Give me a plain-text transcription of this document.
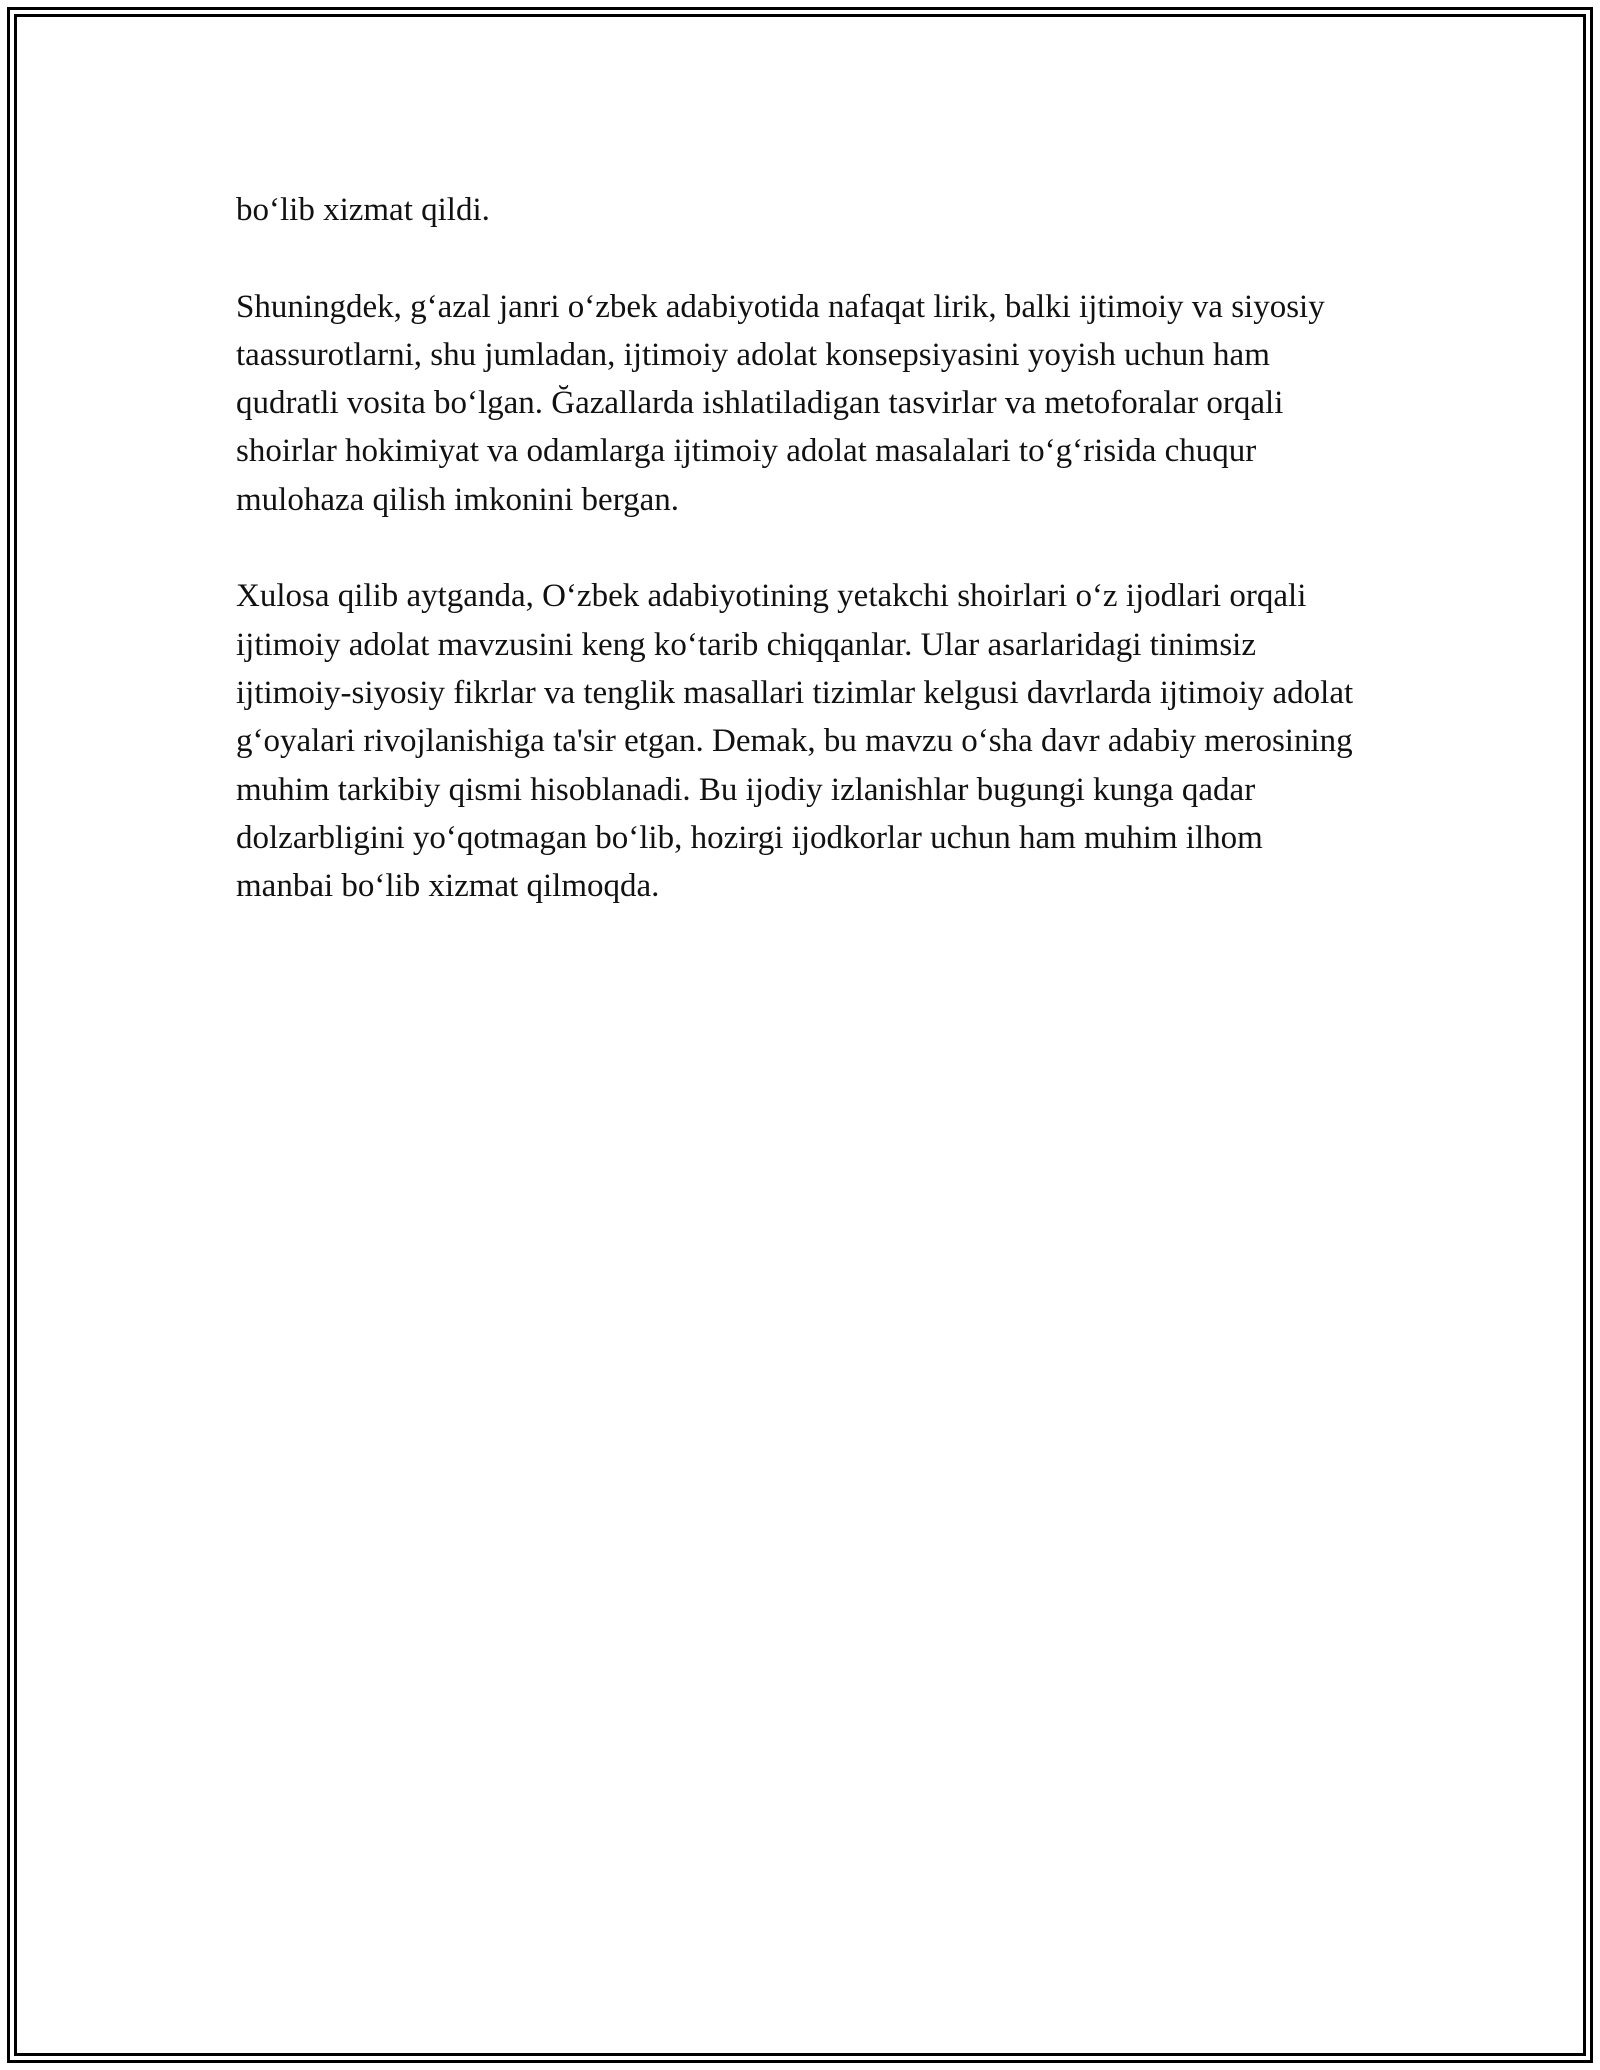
bo‘lib xizmat qildi.

Shuningdek, g‘azal janri o‘zbek adabiyotida nafaqat lirik, balki ijtimoiy va siyosiy taassurotlarni, shu jumladan, ijtimoiy adolat konsepsiyasini yoyish uchun ham qudratli vosita bo‘lgan. Ğazallarda ishlatiladigan tasvirlar va metoforalar orqali shoirlar hokimiyat va odamlarga ijtimoiy adolat masalalari to‘g‘risida chuqur mulohaza qilish imkonini bergan.

Xulosa qilib aytganda, O‘zbek adabiyotining yetakchi shoirlari o‘z ijodlari orqali ijtimoiy adolat mavzusini keng ko‘tarib chiqqanlar. Ular asarlaridagi tinimsiz ijtimoiy-siyosiy fikrlar va tenglik masallari tizimlar kelgusi davrlarda ijtimoiy adolat g‘oyalari rivojlanishiga ta'sir etgan. Demak, bu mavzu o‘sha davr adabiy merosining muhim tarkibiy qismi hisoblanadi. Bu ijodiy izlanishlar bugungi kunga qadar dolzarbligini yo‘qotmagan bo‘lib, hozirgi ijodkorlar uchun ham muhim ilhom manbai bo‘lib xizmat qilmoqda.
